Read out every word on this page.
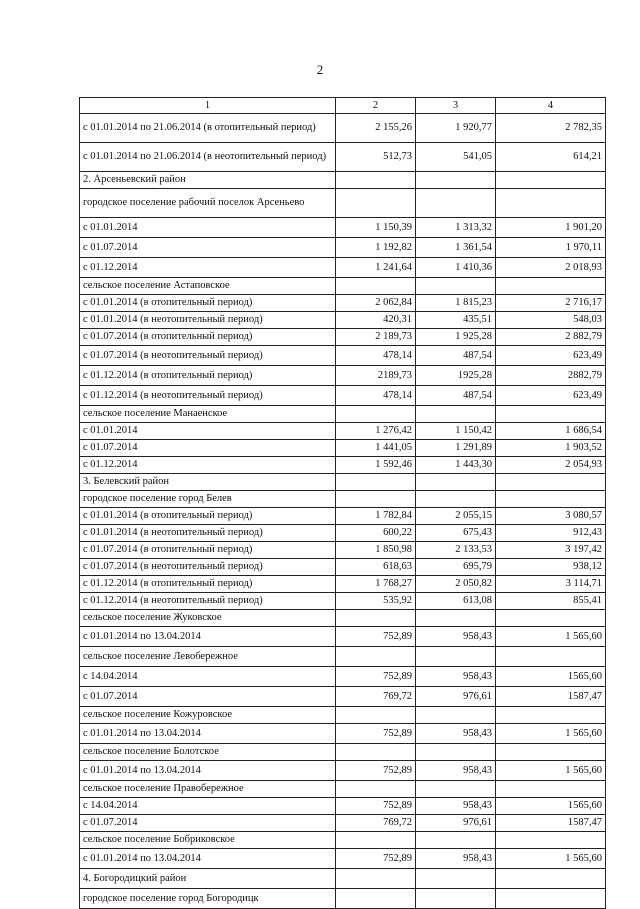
2
1	2	3	4
с 01.01.2014 по 21.06.2014 (в отопительный период)	2 155,26	1 920,77	2 782,35
с 01.01.2014 по 21.06.2014 (в неотопительный период)	512,73	541,05	614,21
2. Арсеньевский район			
городское поселение рабочий поселок Арсеньево			
с 01.01.2014	1 150,39	1 313,32	1 901,20
с 01.07.2014	1 192,82	1 361,54	1 970,11
с 01.12.2014	1 241,64	1 410,36	2 018,93
сельское поселение Астаповское			
с 01.01.2014 (в отопительный период)	2 062,84	1 815,23	2 716,17
с 01.01.2014 (в неотопительный период)	420,31	435,51	548,03
с 01.07.2014 (в отопительный период)	2 189,73	1 925,28	2 882,79
с 01.07.2014 (в неотопительный период)	478,14	487,54	623,49
с 01.12.2014 (в отопительный период)	2189,73	1925,28	2882,79
с 01.12.2014 (в неотопительный период)	478,14	487,54	623,49
сельское поселение Манаенское			
с 01.01.2014	1 276,42	1 150,42	1 686,54
с 01.07.2014	1 441,05	1 291,89	1 903,52
с 01.12.2014	1 592,46	1 443,30	2 054,93
3. Белевский район			
городское поселение город Белев			
с 01.01.2014 (в отопительный период)	1 782,84	2 055,15	3 080,57
с 01.01.2014 (в неотопительный период)	600,22	675,43	912,43
с 01.07.2014 (в отопительный период)	1 850,98	2 133,53	3 197,42
с 01.07.2014 (в неотопительный период)	618,63	695,79	938,12
с 01.12.2014 (в отопительный период)	1 768,27	2 050,82	3 114,71
с 01.12.2014 (в неотопительный период)	535,92	613,08	855,41
сельское поселение Жуковское			
с 01.01.2014 по 13.04.2014	752,89	958,43	1 565,60
сельское поселение Левобережное			
с 14.04.2014	752,89	958,43	1565,60
с 01.07.2014	769,72	976,61	1587,47
сельское поселение Кожуровское			
с 01.01.2014 по 13.04.2014	752,89	958,43	1 565,60
сельское поселение Болотское			
с 01.01.2014 по 13.04.2014	752,89	958,43	1 565,60
сельское поселение Правобережное			
с 14.04.2014	752,89	958,43	1565,60
с 01.07.2014	769,72	976,61	1587,47
сельское поселение Бобриковское			
с 01.01.2014 по 13.04.2014	752,89	958,43	1 565,60
4. Богородицкий район			
городское поселение город Богородицк			
